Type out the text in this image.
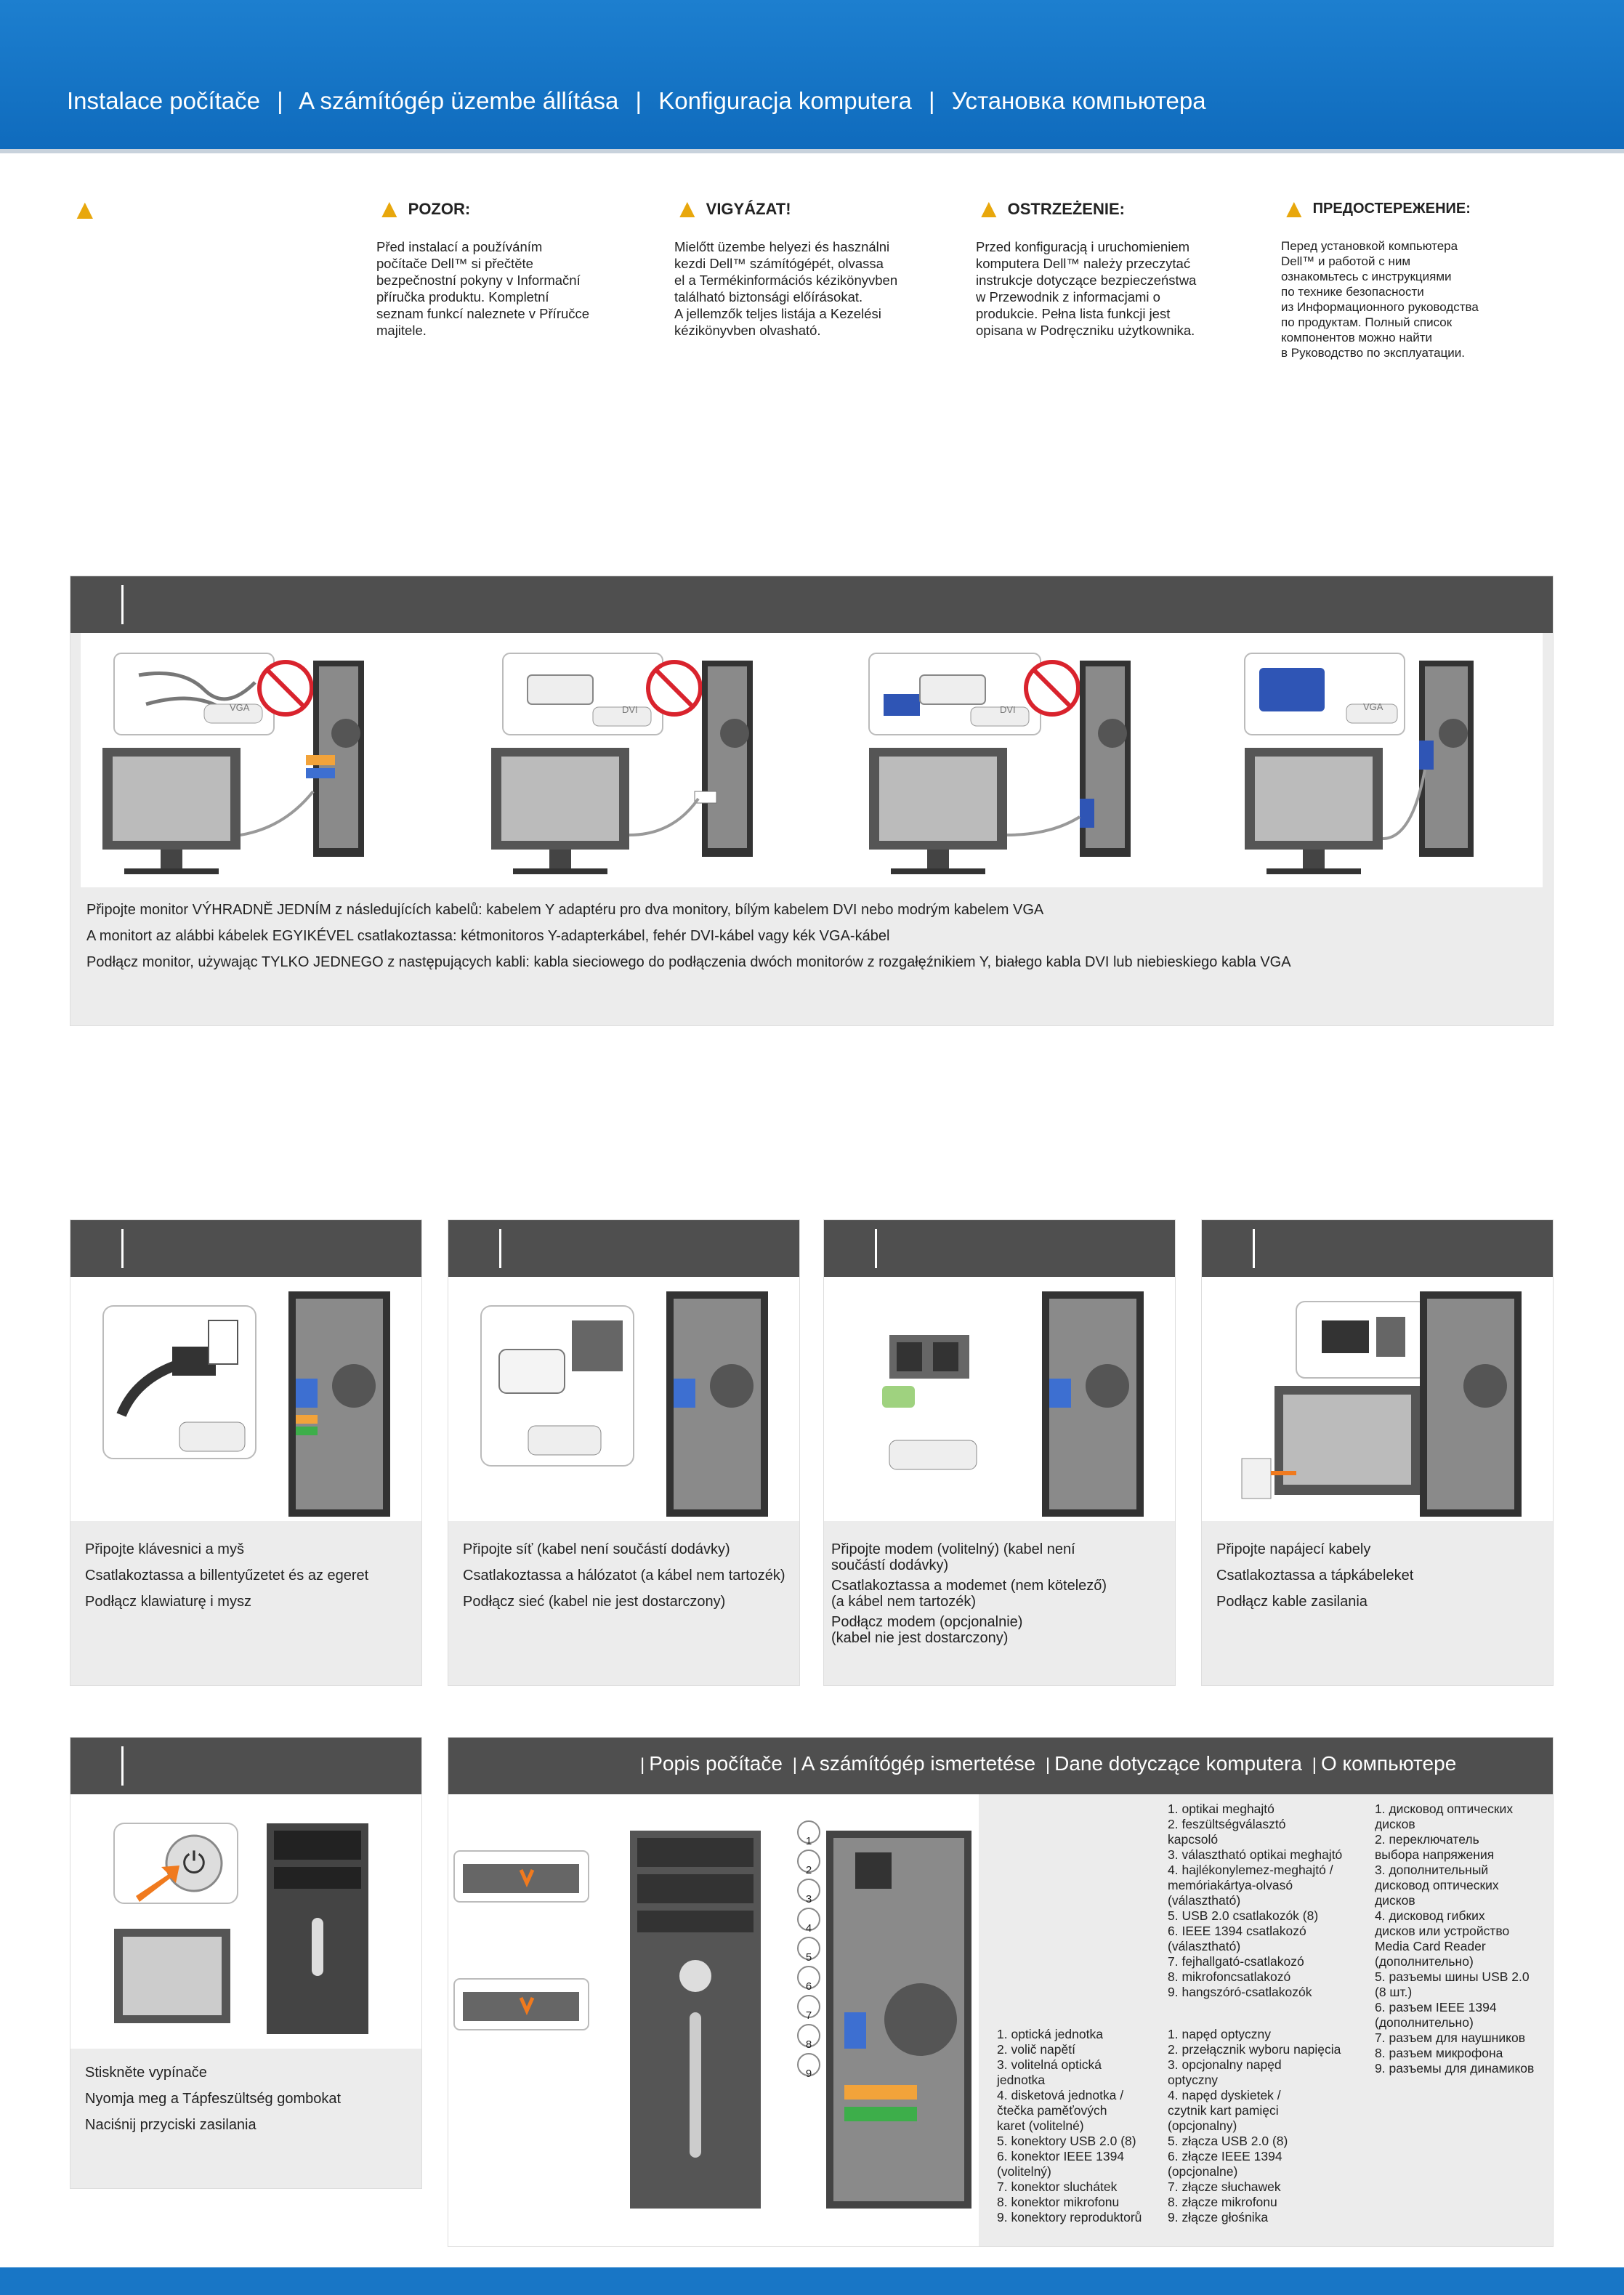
Instalace počítače | A számítógép üzembe állítása | Konfiguracja komputera | Установка компьютера
▲	▲ POZOR:
Před instalací a používáním
počítače Dell™ si přečtěte
bezpečnostní pokyny v Informační
příručka produktu. Kompletní
seznam funkcí naleznete v Příručce
majitele.
▲ VIGYÁZAT!
Mielőtt üzembe helyezi és használni
kezdi Dell™ számítógépét, olvassa
el a Termékinformációs kézikönyvben
található biztonsági előírásokat.
A jellemzők teljes listája a Kezelési
kézikönyvben olvasható.
▲ OSTRZEŻENIE:
Przed konfiguracją i uruchomieniem
komputera Dell™ należy przeczytać
instrukcje dotyczące bezpieczeństwa
w Przewodnik z informacjami o
produkcie. Pełna lista funkcji jest
opisana w Podręczniku użytkownika.
▲ ПРЕДОСТЕРЕЖЕНИЕ:
Перед установкой компьютера
Dell™ и работой с ним
ознакомьтесь с инструкциями
по технике безопасности
из Информационного руководства
по продуктам. Полный список
компонентов можно найти
в Руководство по эксплуатации.
VGA	DVI	DVI	VGA
Připojte monitor VÝHRADNĚ JEDNÍM z následujících kabelů: kabelem Y adaptéru pro dva monitory, bílým kabelem DVI nebo modrým kabelem VGA
A monitort az alábbi kábelek EGYIKÉVEL csatlakoztassa: kétmonitoros Y-adapterkábel, fehér DVI-kábel vagy kék VGA-kábel
Podłącz monitor, używając TYLKO JEDNEGO z następujących kabli: kabla sieciowego do podłączenia dwóch monitorów z rozgałęźnikiem Y, białego kabla DVI lub niebieskiego kabla VGA
Připojte klávesnici a myš
Csatlakoztassa a billentyűzetet és az egeret
Podłącz klawiaturę i mysz
Připojte síť (kabel není součástí dodávky)
Csatlakoztassa a hálózatot (a kábel nem tartozék)
Podłącz sieć (kabel nie jest dostarczony)
Připojte modem (volitelný) (kabel není
součástí dodávky)
Csatlakoztassa a modemet (nem kötelező)
(a kábel nem tartozék)
Podłącz modem (opcjonalnie)
(kabel nie jest dostarczony)
Připojte napájecí kabely
Csatlakoztassa a tápkábeleket
Podłącz kable zasilania
⏻
Stiskněte vypínače
Nyomja meg a Tápfeszültség gombokat
Naciśnij przyciski zasilania
| Popis počítače | A számítógép ismertetése | Dane dotyczące komputera | О компьютере
1
2
3
4
5
6
7
8
9
1. optikai meghajtó
2. feszültségválasztó
kapcsoló
3. választható optikai meghajtó
4. hajlékonylemez-meghajtó /
memóriakártya-olvasó
(választható)
5. USB 2.0 csatlakozók (8)
6. IEEE 1394 csatlakozó
(választható)
7. fejhallgató-csatlakozó
8. mikrofoncsatlakozó
9. hangszóró-csatlakozók
1. дисковод оптических
дисков
2. переключатель
выбора напряжения
3. дополнительный
дисковод оптических
дисков
4. дисковод гибких
дисков или устройство
Media Card Reader
(дополнительно)
5. разъемы шины USB 2.0
(8 шт.)
6. разъем IEEE 1394
(дополнительно)
7. разъем для наушников
8. разъем микрофона
9. разъемы для динамиков
1. optická jednotka
2. volič napětí
3. volitelná optická
jednotka
4. disketová jednotka /
čtečka paměťových
karet (volitelné)
5. konektory USB 2.0 (8)
6. konektor IEEE 1394
(volitelný)
7. konektor sluchátek
8. konektor mikrofonu
9. konektory reproduktorů
1. napęd optyczny
2. przełącznik wyboru napięcia
3. opcjonalny napęd
optyczny
4. napęd dyskietek /
czytnik kart pamięci
(opcjonalny)
5. złącza USB 2.0 (8)
6. złącze IEEE 1394
(opcjonalne)
7. złącze słuchawek
8. złącze mikrofonu
9. złącze głośnika
